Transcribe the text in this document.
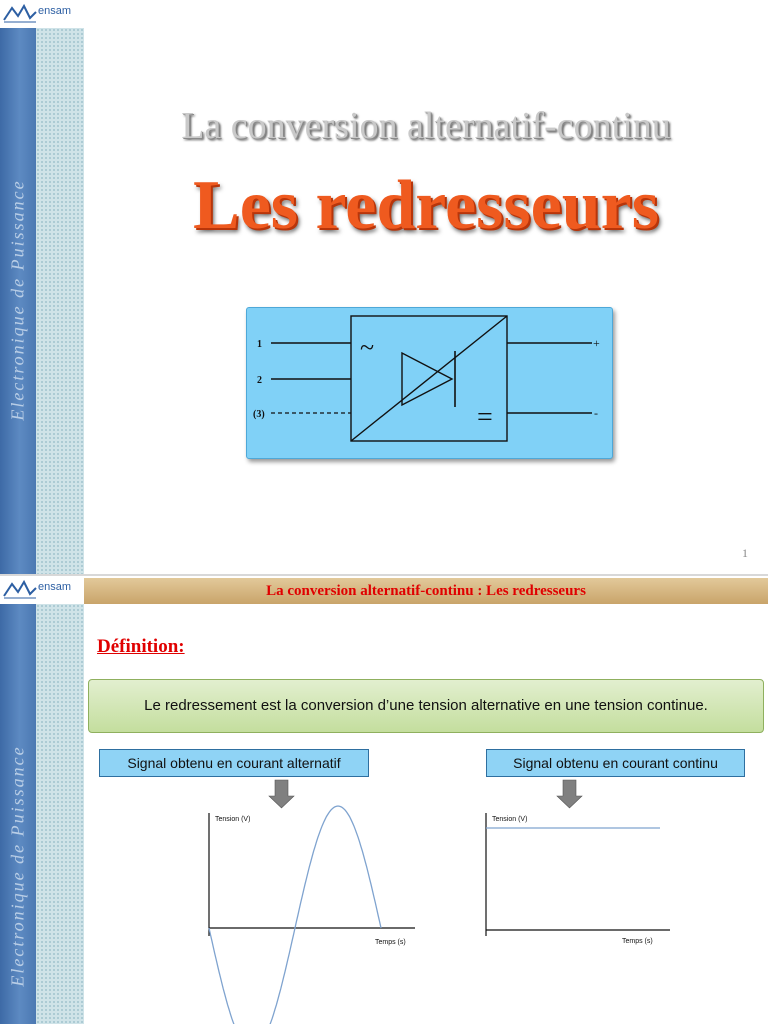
Electronique de Puissance
ensam
La conversion alternatif-continu
Les redresseurs
1
2
(3)
+
-
~
=
1
Electronique de Puissance
ensam	La conversion alternatif-continu : Les redresseurs
Définition:
Le redressement est la conversion d’une tension alternative en une tension continue.
Signal obtenu en courant alternatif	Signal obtenu en courant continu
Tension (V)
Temps (s)
Tension (V)
Temps (s)
